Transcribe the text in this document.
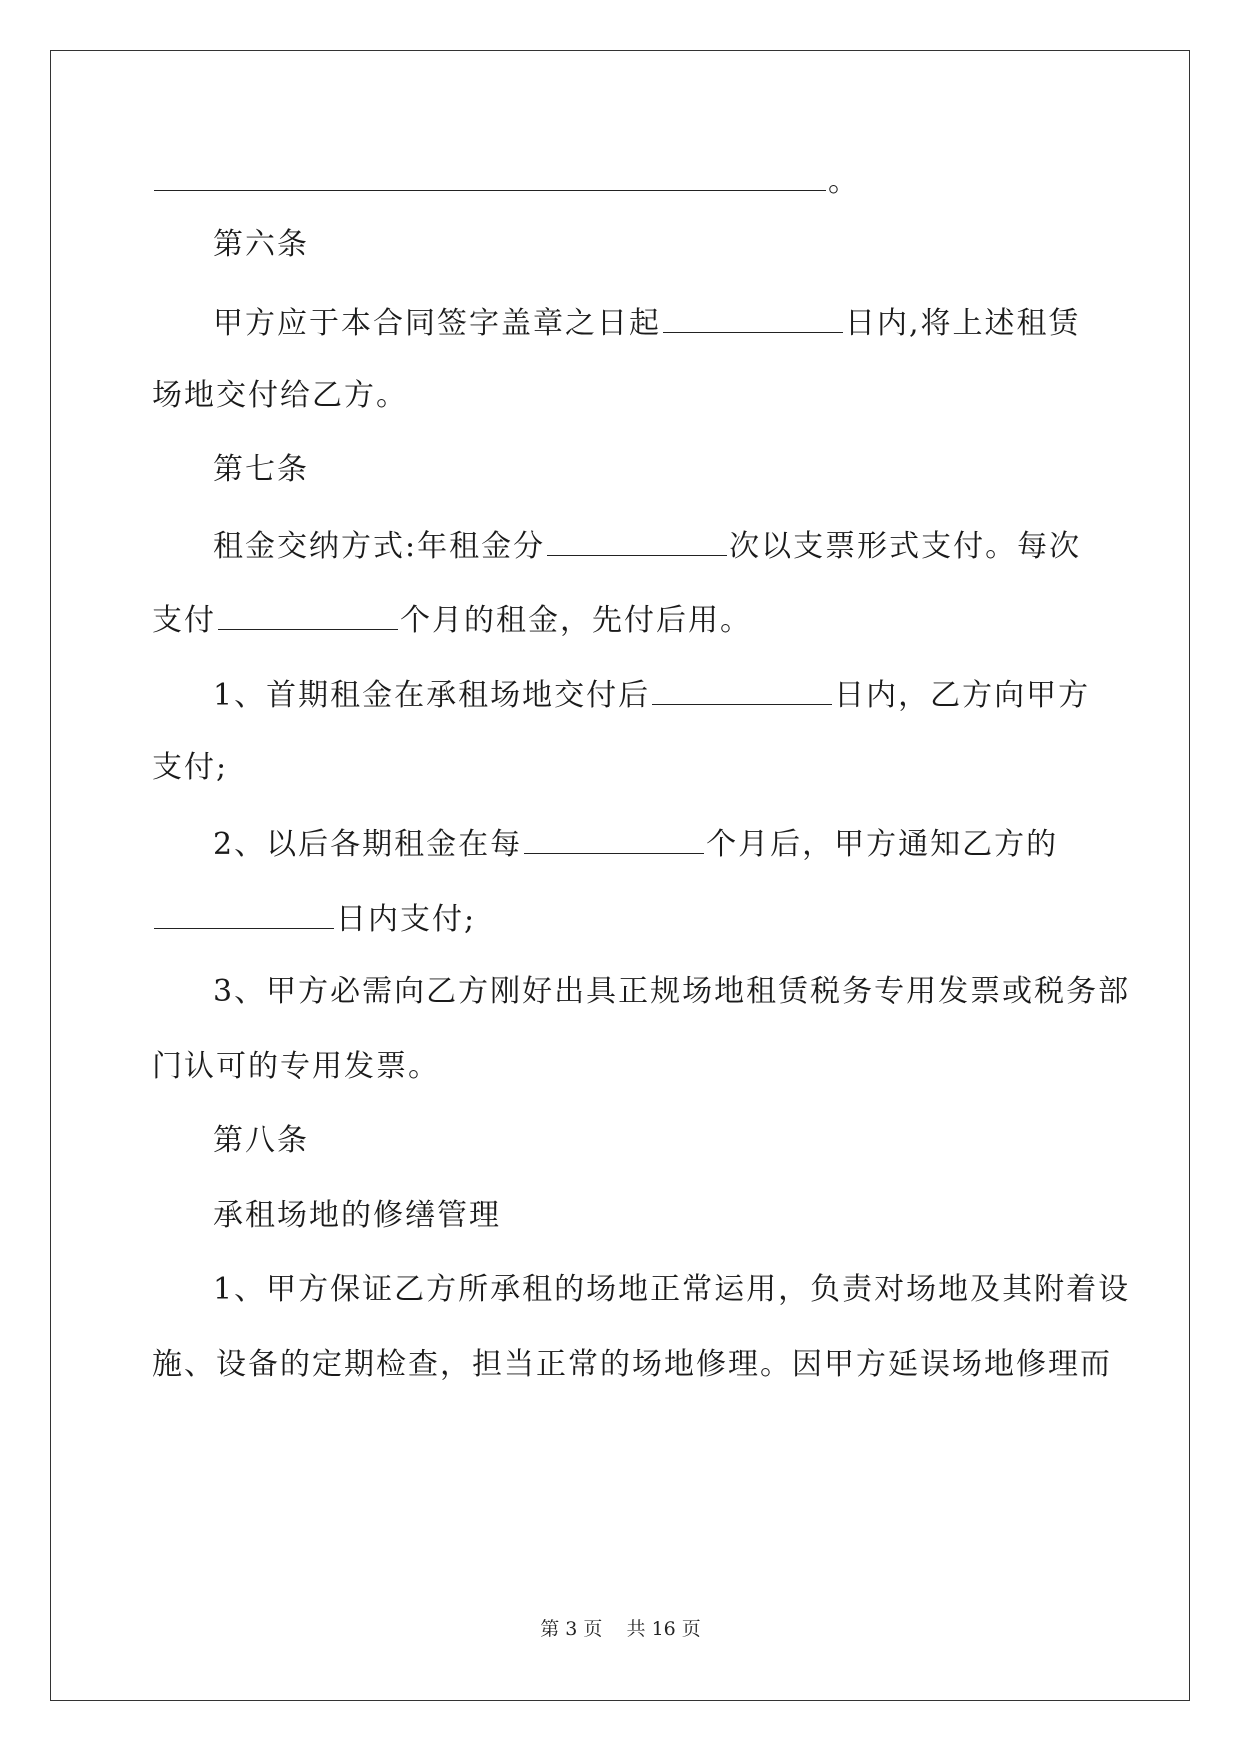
。
第六条
甲方应于本合同签字盖章之日起	日内,将上述租赁
场地交付给乙方。
第七条
租金交纳方式:年租金分	次以支票形式支付。每次
支付	个月的租金，先付后用。
1、首期租金在承租场地交付后	日内，乙方向甲方
支付;
2、以后各期租金在每	个月后，甲方通知乙方的
日内支付;
3、甲方必需向乙方刚好出具正规场地租赁税务专用发票或税务部
门认可的专用发票。
第八条
承租场地的修缮管理
1、甲方保证乙方所承租的场地正常运用，负责对场地及其附着设
施、设备的定期检查，担当正常的场地修理。因甲方延误场地修理而
第 3 页    共 16 页
